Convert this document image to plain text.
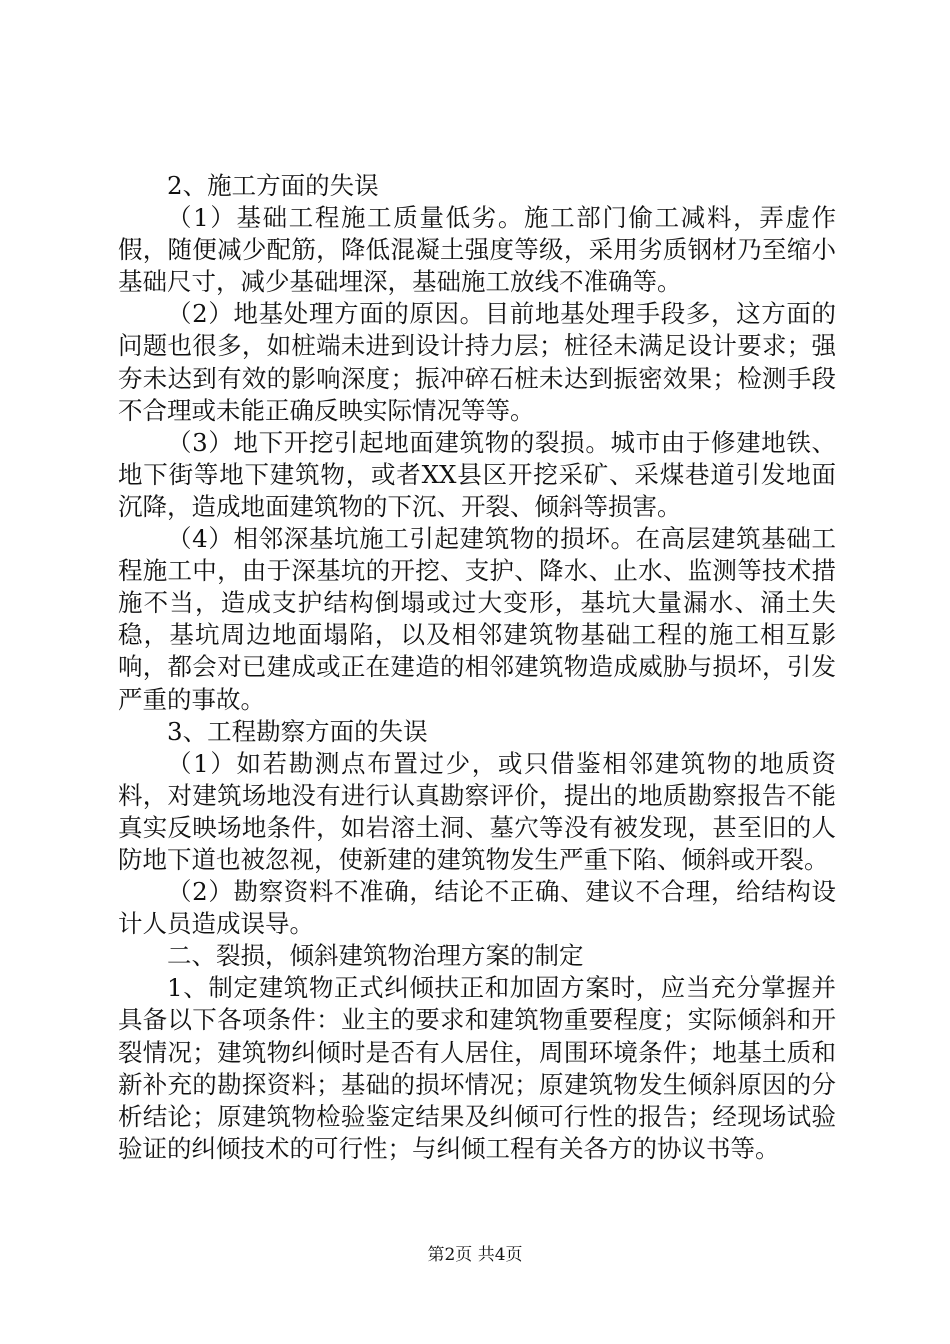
2、施工方面的失误

（1）基础工程施工质量低劣。施工部门偷工减料，弄虚作假，随便减少配筋，降低混凝土强度等级，采用劣质钢材乃至缩小基础尺寸，减少基础埋深，基础施工放线不准确等。

（2）地基处理方面的原因。目前地基处理手段多，这方面的问题也很多，如桩端未进到设计持力层；桩径未满足设计要求；强夯未达到有效的影响深度；振冲碎石桩未达到振密效果；检测手段不合理或未能正确反映实际情况等等。

（3）地下开挖引起地面建筑物的裂损。城市由于修建地铁、地下街等地下建筑物，或者XX县区开挖采矿、采煤巷道引发地面沉降，造成地面建筑物的下沉、开裂、倾斜等损害。

（4）相邻深基坑施工引起建筑物的损坏。在高层建筑基础工程施工中，由于深基坑的开挖、支护、降水、止水、监测等技术措施不当，造成支护结构倒塌或过大变形，基坑大量漏水、涌土失稳，基坑周边地面塌陷，以及相邻建筑物基础工程的施工相互影响，都会对已建成或正在建造的相邻建筑物造成威胁与损坏，引发严重的事故。

3、工程勘察方面的失误

（1）如若勘测点布置过少，或只借鉴相邻建筑物的地质资料，对建筑场地没有进行认真勘察评价，提出的地质勘察报告不能真实反映场地条件，如岩溶土洞、墓穴等没有被发现，甚至旧的人防地下道也被忽视，使新建的建筑物发生严重下陷、倾斜或开裂。

（2）勘察资料不准确，结论不正确、建议不合理，给结构设计人员造成误导。

二、裂损，倾斜建筑物治理方案的制定

1、制定建筑物正式纠倾扶正和加固方案时，应当充分掌握并具备以下各项条件：业主的要求和建筑物重要程度；实际倾斜和开裂情况；建筑物纠倾时是否有人居住，周围环境条件；地基土质和新补充的勘探资料；基础的损坏情况；原建筑物发生倾斜原因的分析结论；原建筑物检验鉴定结果及纠倾可行性的报告；经现场试验验证的纠倾技术的可行性；与纠倾工程有关各方的协议书等。

第2页 共4页
